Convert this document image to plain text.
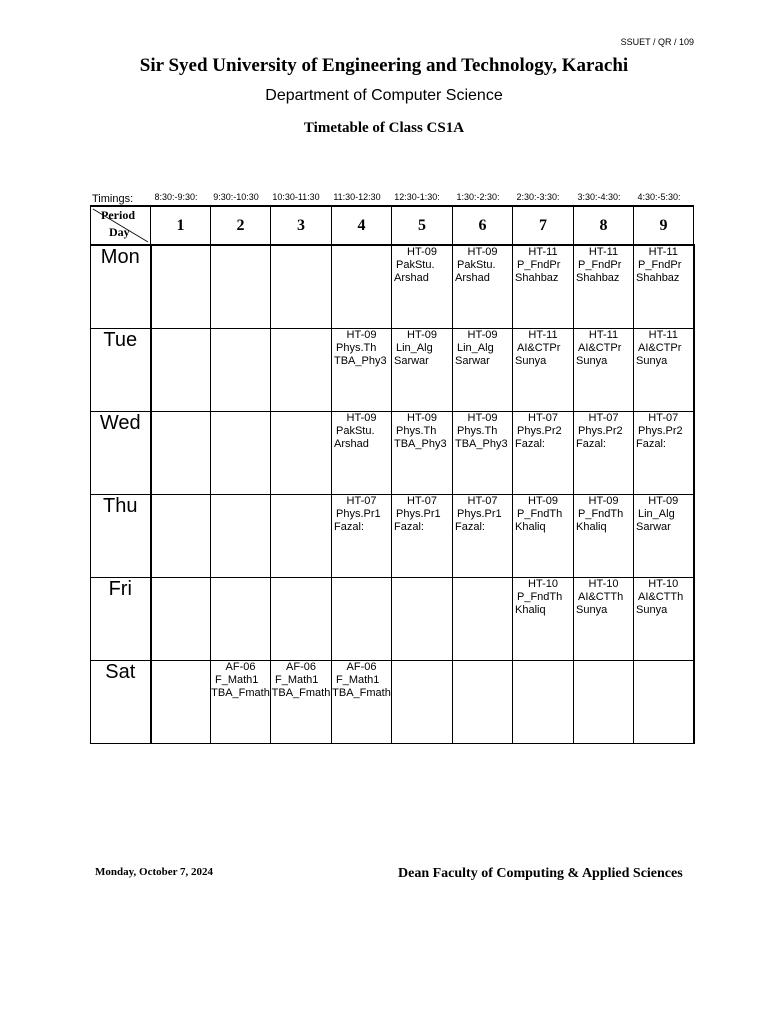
SSUET / QR / 109
Sir Syed University of Engineering and Technology, Karachi
Department of Computer Science
Timetable of Class CS1A
Timings:	8:30:-9:30:	9:30:-10:30	10:30-11:30	11:30-12:30	12:30-1:30:	1:30:-2:30:	2:30:-3:30:	3:30:-4:30:	4:30:-5:30:
Period
Day	1	2	3	4	5	6	7	8	9

Mon					HT-09
PakStu.
Arshad	HT-09
PakStu.
Arshad	HT-11
P_FndPr
Shahbaz	HT-11
P_FndPr
Shahbaz	HT-11
P_FndPr
Shahbaz

Tue				HT-09
Phys.Th
TBA_Phy3	HT-09
Lin_Alg
Sarwar	HT-09
Lin_Alg
Sarwar	HT-11
AI&CTPr
Sunya	HT-11
AI&CTPr
Sunya	HT-11
AI&CTPr
Sunya

Wed				HT-09
PakStu.
Arshad	HT-09
Phys.Th
TBA_Phy3	HT-09
Phys.Th
TBA_Phy3	HT-07
Phys.Pr2
Fazal:	HT-07
Phys.Pr2
Fazal:	HT-07
Phys.Pr2
Fazal:

Thu				HT-07
Phys.Pr1
Fazal:	HT-07
Phys.Pr1
Fazal:	HT-07
Phys.Pr1
Fazal:	HT-09
P_FndTh
Khaliq	HT-09
P_FndTh
Khaliq	HT-09
Lin_Alg
Sarwar

Fri							HT-10
P_FndTh
Khaliq	HT-10
AI&CTTh
Sunya	HT-10
AI&CTTh
Sunya

Sat		AF-06
F_Math1
TBA_Fmath	AF-06
F_Math1
TBA_Fmath	AF-06
F_Math1
TBA_Fmath					

Monday, October 7, 2024	Dean Faculty of Computing & Applied Sciences
